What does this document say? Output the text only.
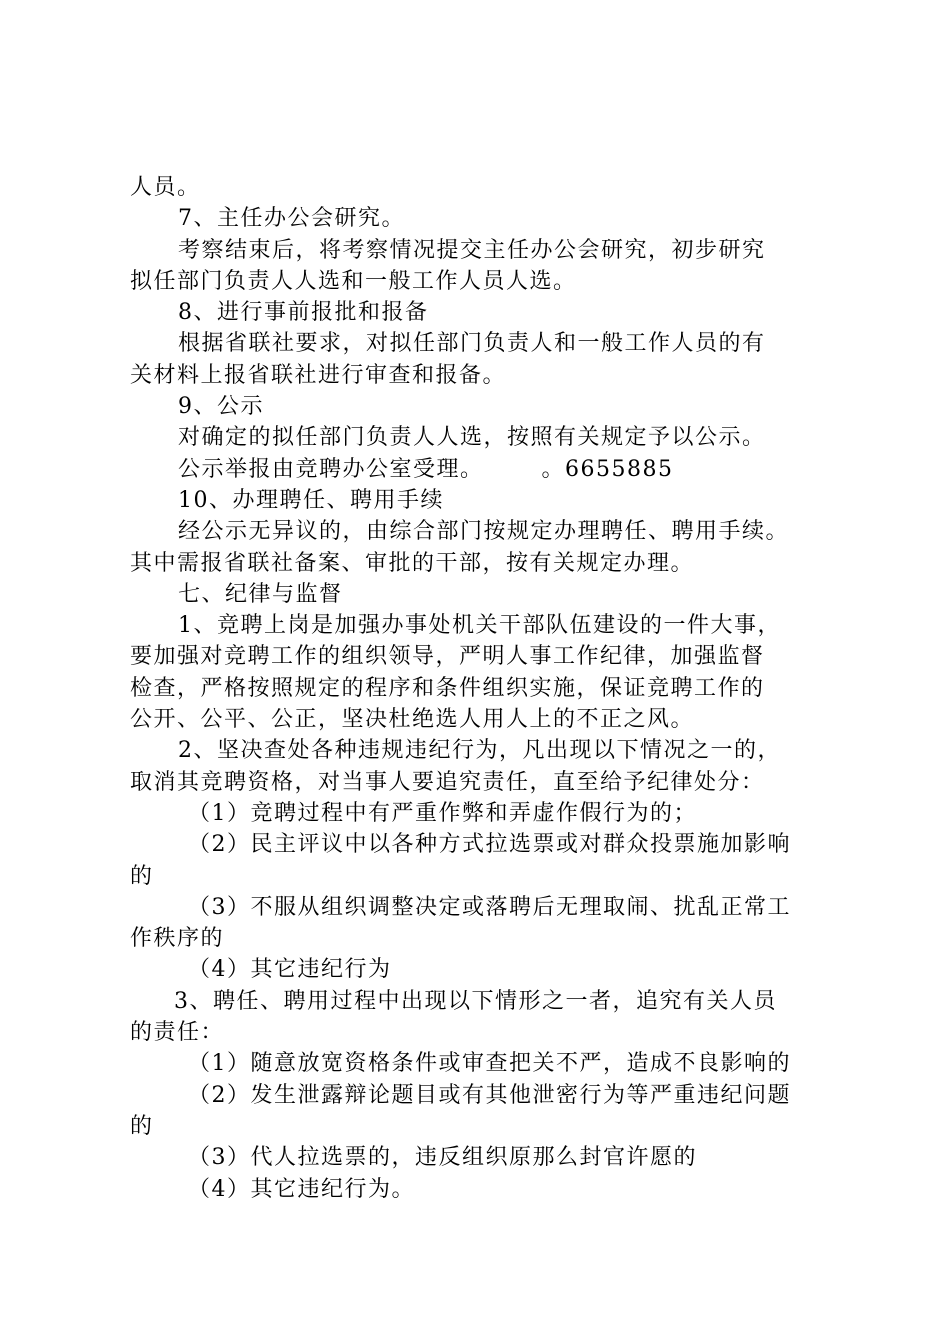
人员。
7、主任办公会研究。
考察结束后，将考察情况提交主任办公会研究，初步研究
拟任部门负责人人选和一般工作人员人选。
8、进行事前报批和报备
根据省联社要求，对拟任部门负责人和一般工作人员的有
关材料上报省联社进行审查和报备。
9、公示
对确定的拟任部门负责人人选，按照有关规定予以公示。
公示举报由竞聘办公室受理。	。6655885
10、办理聘任、聘用手续
经公示无异议的，由综合部门按规定办理聘任、聘用手续。
其中需报省联社备案、审批的干部，按有关规定办理。
七、纪律与监督
1、竞聘上岗是加强办事处机关干部队伍建设的一件大事，
要加强对竞聘工作的组织领导，严明人事工作纪律，加强监督
检查，严格按照规定的程序和条件组织实施，保证竞聘工作的
公开、公平、公正，坚决杜绝选人用人上的不正之风。
2、坚决查处各种违规违纪行为，凡出现以下情况之一的，
取消其竞聘资格，对当事人要追究责任，直至给予纪律处分：
（1）竞聘过程中有严重作弊和弄虚作假行为的；
（2）民主评议中以各种方式拉选票或对群众投票施加影响
的
（3）不服从组织调整决定或落聘后无理取闹、扰乱正常工
作秩序的
（4）其它违纪行为
3、聘任、聘用过程中出现以下情形之一者，追究有关人员
的责任：
（1）随意放宽资格条件或审查把关不严，造成不良影响的
（2）发生泄露辩论题目或有其他泄密行为等严重违纪问题
的
（3）代人拉选票的，违反组织原那么封官许愿的
（4）其它违纪行为。
